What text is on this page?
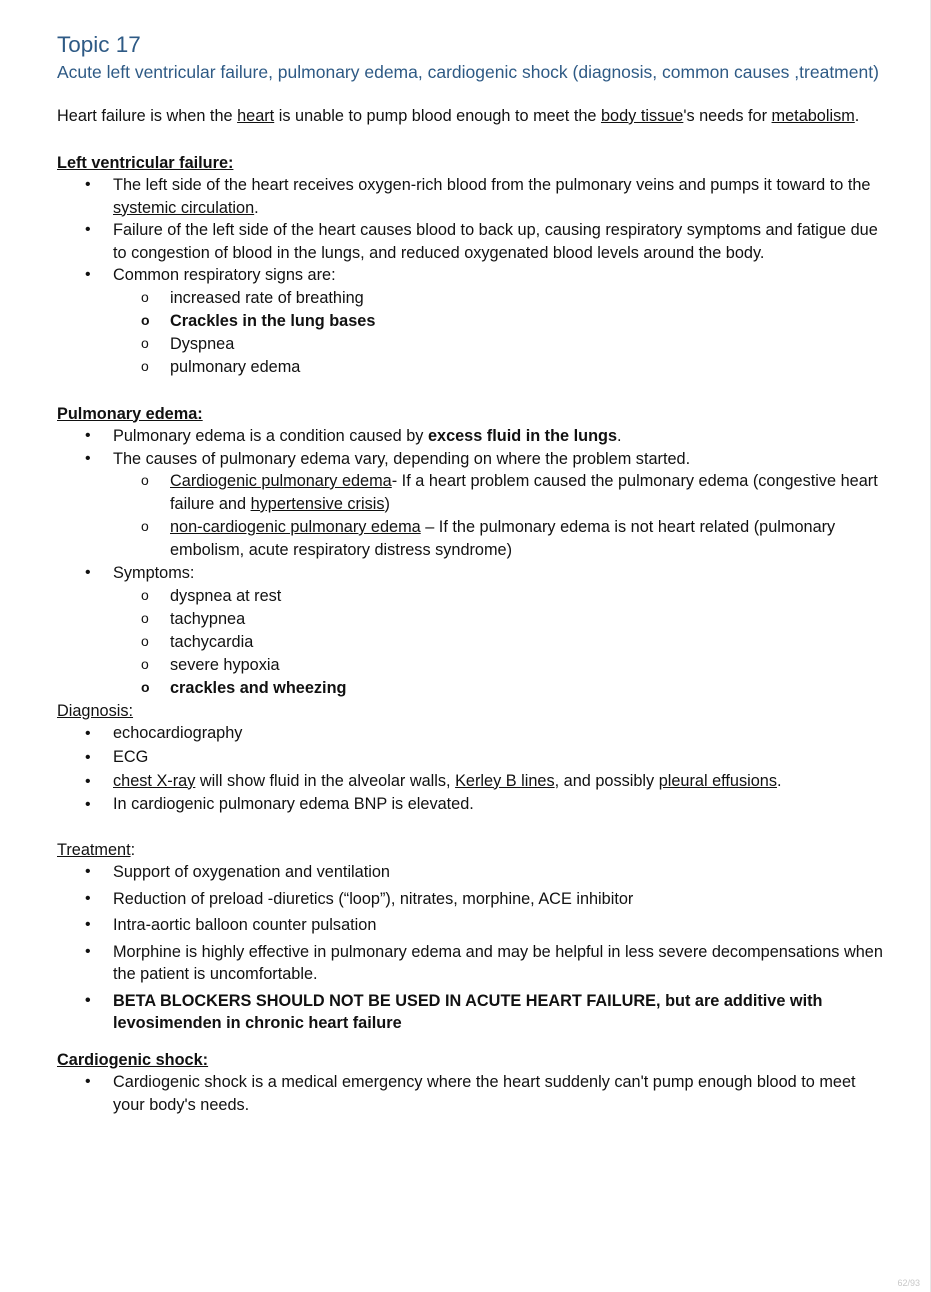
Topic 17
Acute left ventricular failure, pulmonary edema, cardiogenic shock (diagnosis, common causes ,treatment)

Heart failure is when the heart is unable to pump blood enough to meet the body tissue's needs for metabolism.

Left ventricular failure:

• The left side of the heart receives oxygen-rich blood from the pulmonary veins and pumps it toward to the systemic circulation.
• Failure of the left side of the heart causes blood to back up, causing respiratory symptoms and fatigue due to congestion of blood in the lungs, and reduced oxygenated blood levels around the body.
• Common respiratory signs are:
o increased rate of breathing
o Crackles in the lung bases
o Dyspnea
o pulmonary edema

Pulmonary edema:

• Pulmonary edema is a condition caused by excess fluid in the lungs.
• The causes of pulmonary edema vary, depending on where the problem started.
o Cardiogenic pulmonary edema- If a heart problem caused the pulmonary edema (congestive heart failure and hypertensive crisis)
o non-cardiogenic pulmonary edema – If the pulmonary edema is not heart related (pulmonary embolism, acute respiratory distress syndrome)
• Symptoms:
o dyspnea at rest
o tachypnea
o tachycardia
o severe hypoxia
o crackles and wheezing

Diagnosis:

• echocardiography
• ECG
• chest X-ray will show fluid in the alveolar walls, Kerley B lines, and possibly pleural effusions.
• In cardiogenic pulmonary edema BNP is elevated.

Treatment:

• Support of oxygenation and ventilation
• Reduction of preload -diuretics (“loop”), nitrates, morphine, ACE inhibitor
• Intra-aortic balloon counter pulsation
• Morphine is highly effective in pulmonary edema and may be helpful in less severe decompensations when the patient is uncomfortable.
• BETA BLOCKERS SHOULD NOT BE USED IN ACUTE HEART FAILURE, but are additive with levosimenden in chronic heart failure

Cardiogenic shock:

• Cardiogenic shock is a medical emergency where the heart suddenly can't pump enough blood to meet your body's needs.
62/93
